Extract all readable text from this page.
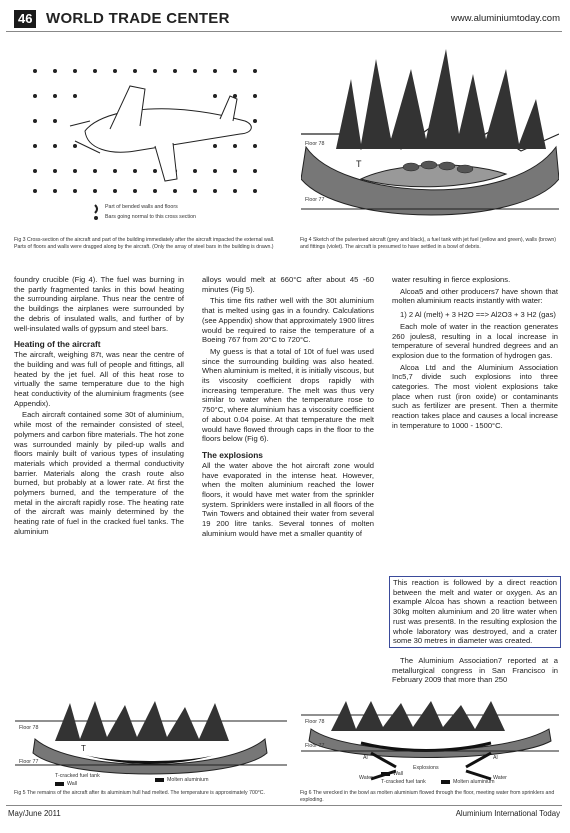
46 WORLD TRADE CENTER	www.aluminiumtoday.com
Part of bended walls and floors
Bars going normal to this cross section
Fig 3 Cross-section of the aircraft and part of the building immediately after the aircraft impacted the external wall. Parts of floors and walls were dragged along by the aircraft. (Only the array of steel bars in the building is drawn.)
T
Floor 78
Floor 77
Fig 4 Sketch of the pulverised aircraft (grey and black), a fuel tank with jet fuel (yellow and green), walls (brown) and fittings (violet). The aircraft is presumed to have settled in a bowl of debris.

foundry crucible (Fig 4). The fuel was burning in the partly fragmented tanks in this bowl heating the surrounding airplane. Thus near the centre of the buildings the airplanes were surrounded by the debris of insulated walls, and further of by well-insulated walls of gypsum and steel bars.

Heating of the aircraft

The aircraft, weighing 87t, was near the centre of the building and was full of people and fittings, all heated by the jet fuel. All of this heat rose to virtually the same temperature due to the high heat conductivity of the aluminium fragments (see Appendix).

Each aircraft contained some 30t of aluminium, while most of the remainder consisted of steel, polymers and carbon fibre materials. The hot zone was surrounded mainly by piled-up walls and floors mainly built of various types of insulating materials which provided a thermal conductivity barrier. Materials along the crash route also burned, but probably at a lower rate. At first the polymers burned, and the temperature of the metal in the aircraft rapidly rose. The heating rate of the aircraft was mainly determined by the heating rate of fuel in the cracked fuel tanks. The aluminium

alloys would melt at 660°C after about 45 -60 minutes (Fig 5).

This time fits rather well with the 30t aluminium that is melted using gas in a foundry. Calculations (see Appendix) show that approximately 1900 litres would be required to raise the temperature of a Boeing 767 from 20°C to 720°C.

My guess is that a total of 10t of fuel was used since the surrounding building was also heated. When aluminium is melted, it is initially viscous, but its viscosity coefficient drops rapidly with increasing temperature. The melt was thus very similar to water when the temperature rose to 750°C, where aluminium has a viscosity coefficient of about 0.04 poise. At that temperature the melt would have flowed through caps in the floor to the floors below (Fig 6).

The explosions

All the water above the hot aircraft zone would have evaporated in the intense heat. However, when the molten aluminium reached the lower floors, it would have met water from the sprinkler system. Sprinklers were installed in all floors of the Twin Towers and obtained their water from several 19 200 litre tanks. Several tonnes of molten aluminium would have met a smaller quantity of

water resulting in fierce explosions.

Alcoa5 and other producers7 have shown that molten aluminium reacts instantly with water:

1) 2 Al (melt) + 3 H2O ==> Al2O3 + 3 H2 (gas)

Each mole of water in the reaction generates 260 joules8, resulting in a local increase in temperature of several hundred degrees and an explosion due to the formation of hydrogen gas.

Alcoa Ltd and the Aluminium Association Inc5,7 divide such explosions into three categories. The most violent explosions take place when rust (iron oxide) or contaminants such as fertilizer are present. Then a thermite reaction takes place and causes a local increase in temperature to 1000 - 1500°C.

This reaction is followed by a direct reaction between the melt and water or oxygen. As an example Alcoa has shown a reaction between 30kg molten aluminium and 20 litre water when rust was present8. In the resulting explosion the whole laboratory was destroyed, and a crater some 30 metres in diameter was created.

The Aluminium Association7 reported at a metallurgical congress in San Francisco in February 2009 that more than 250

T
Floor 78
Floor 77
T-cracked fuel tank
Wall
Molten aluminium
Fig 5 The remains of the aircraft after its aluminium hull had melted. The temperature is approximately 700°C.
Floor 78
Floor 77
Al	Al
Explosions
Water	Water
T-cracked fuel tank	Molten aluminium
Wall
Fig 6 The wrecked in the bowl as molten aluminium flowed through the floor, meeting water from sprinklers and exploding.
May/June 2011	Aluminium International Today
